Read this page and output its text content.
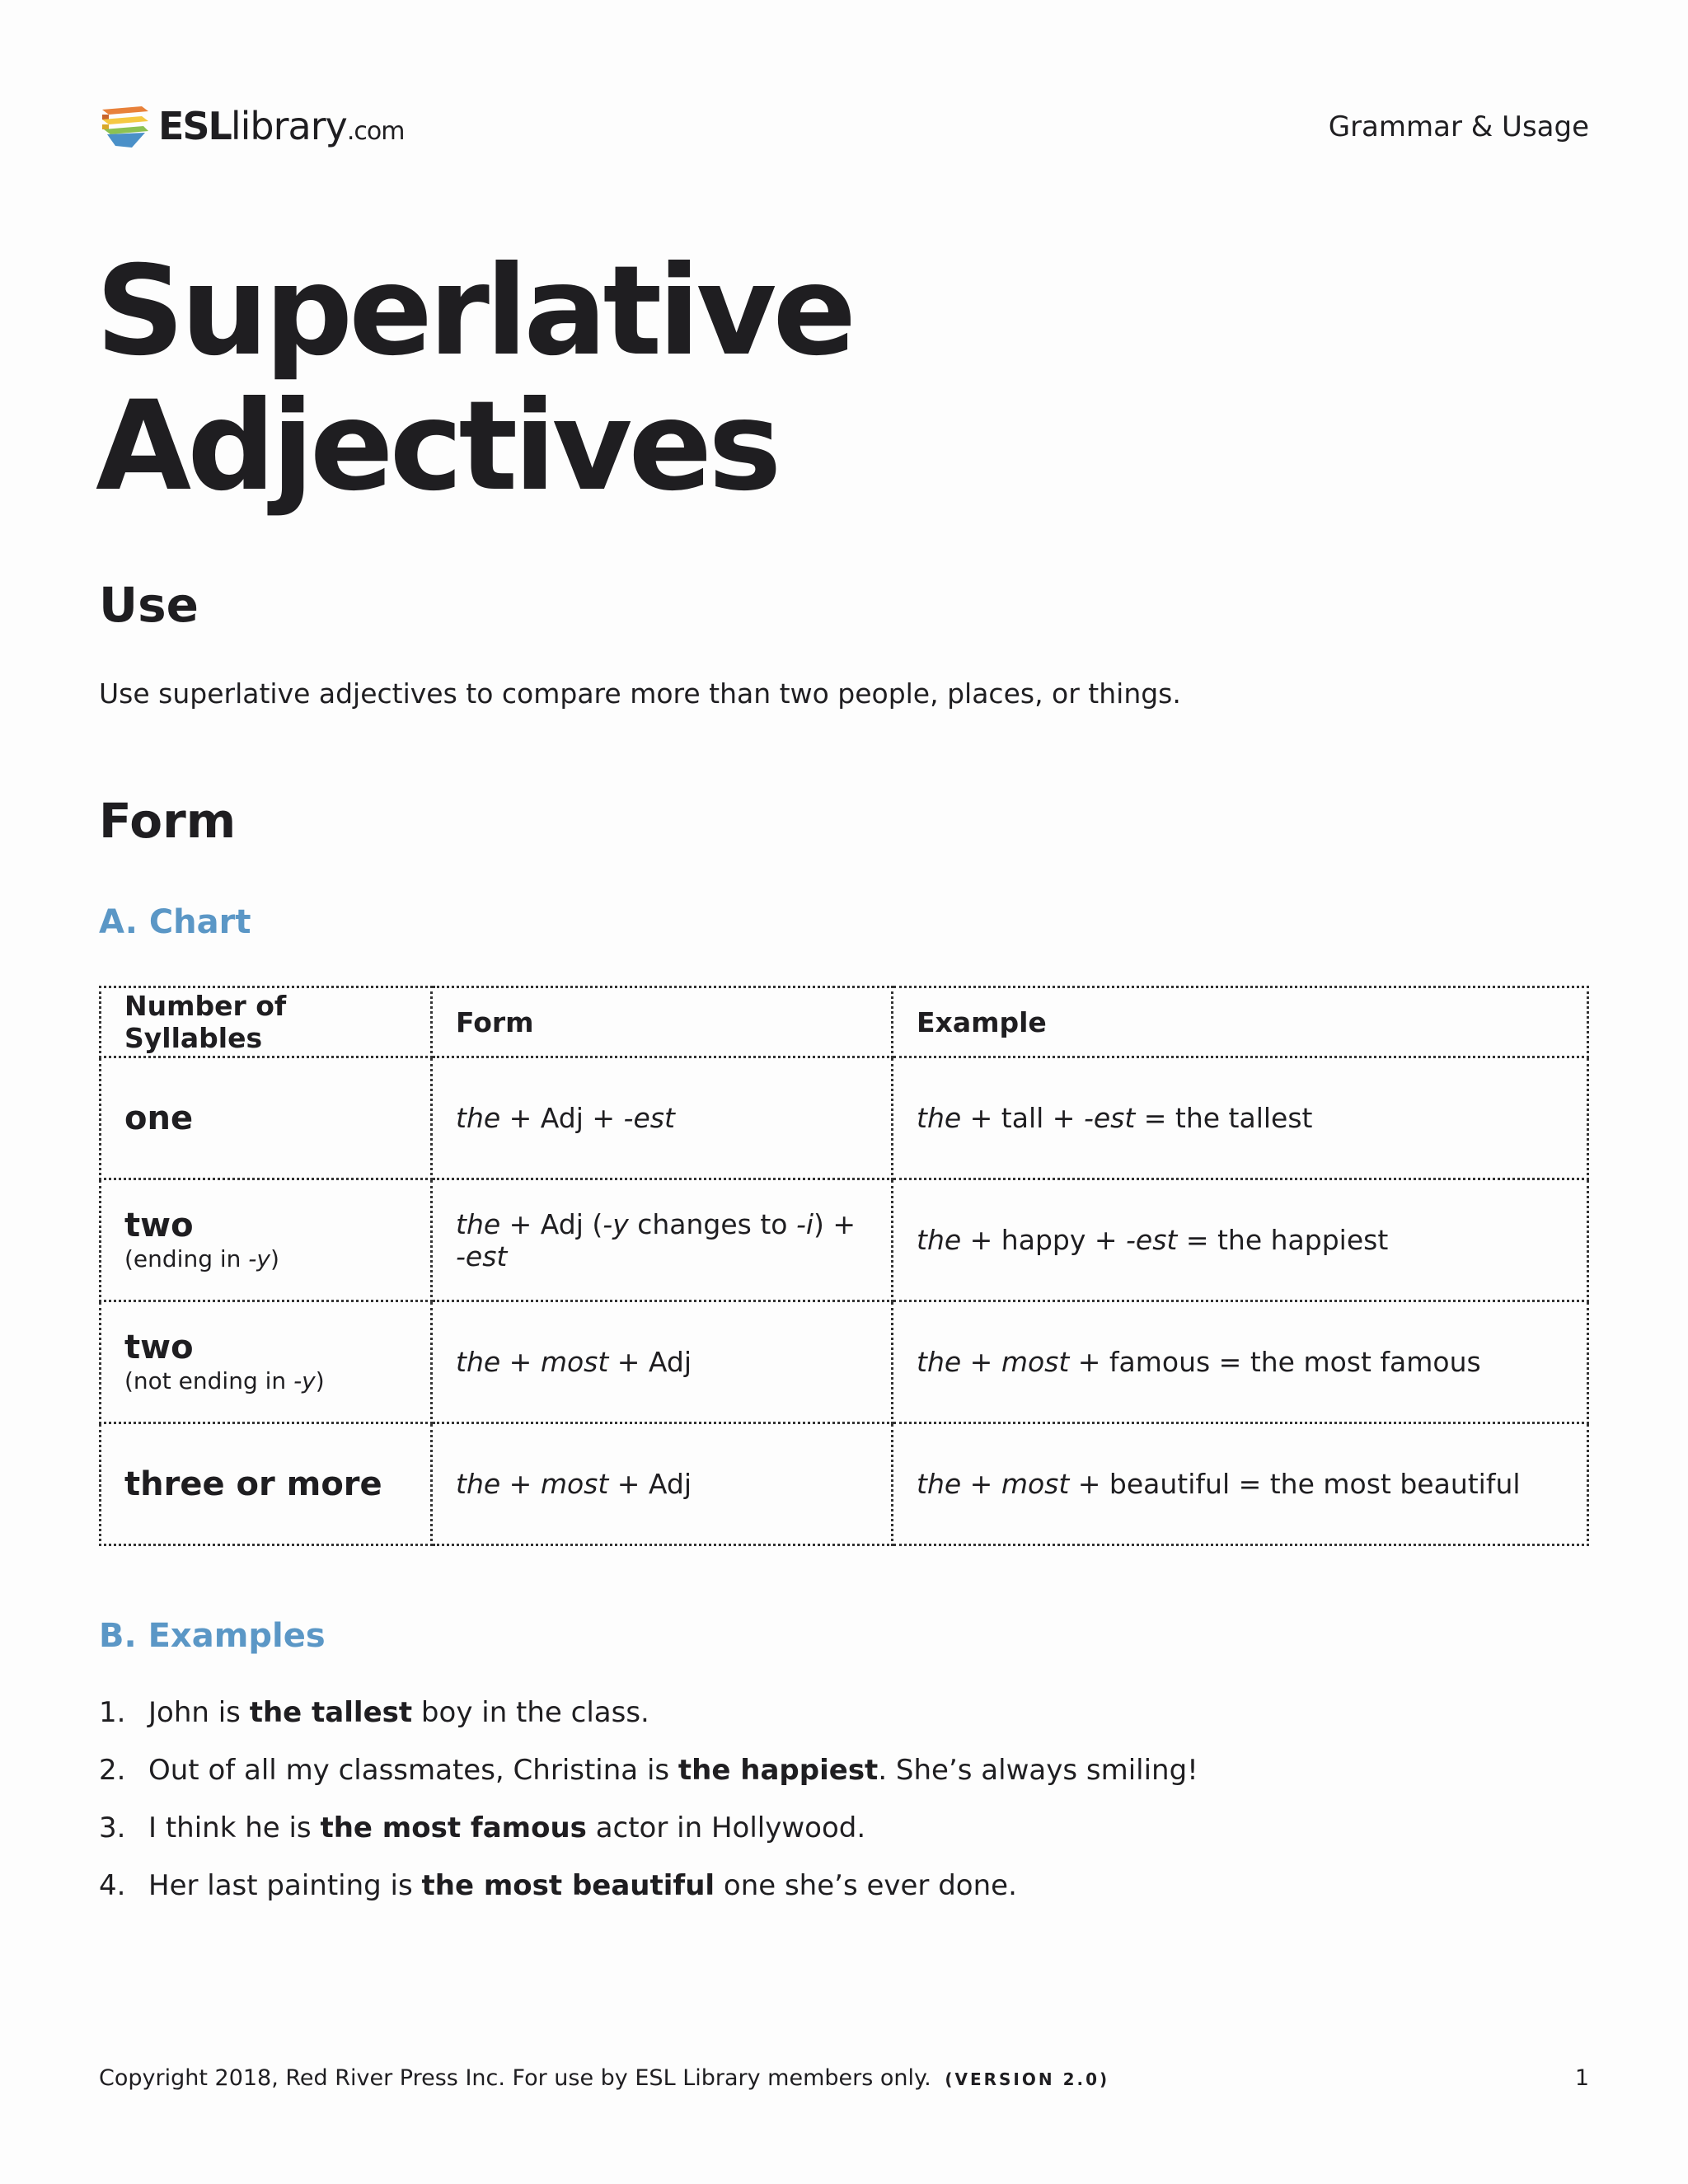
ESLlibrary.com	Grammar & Usage
Superlative
Adjectives
Use
Use superlative adjectives to compare more than two people, places, or things.
Form
A. Chart
Number of Syllables	Form	Example

one	the + Adj + -est	the + tall + -est = the tallest

two
(ending in -y)	the + Adj (-y changes to -i) + -est	the + happy + -est = the happiest

two
(not ending in -y)	the + most + Adj	the + most + famous = the most famous

three or more	the + most + Adj	the + most + beautiful = the most beautiful
B. Examples
1. John is the tallest boy in the class.
2. Out of all my classmates, Christina is the happiest. She’s always smiling!
3. I think he is the most famous actor in Hollywood.
4. Her last painting is the most beautiful one she’s ever done.
Copyright 2018, Red River Press Inc. For use by ESL Library members only. (VERSION 2.0)	1
